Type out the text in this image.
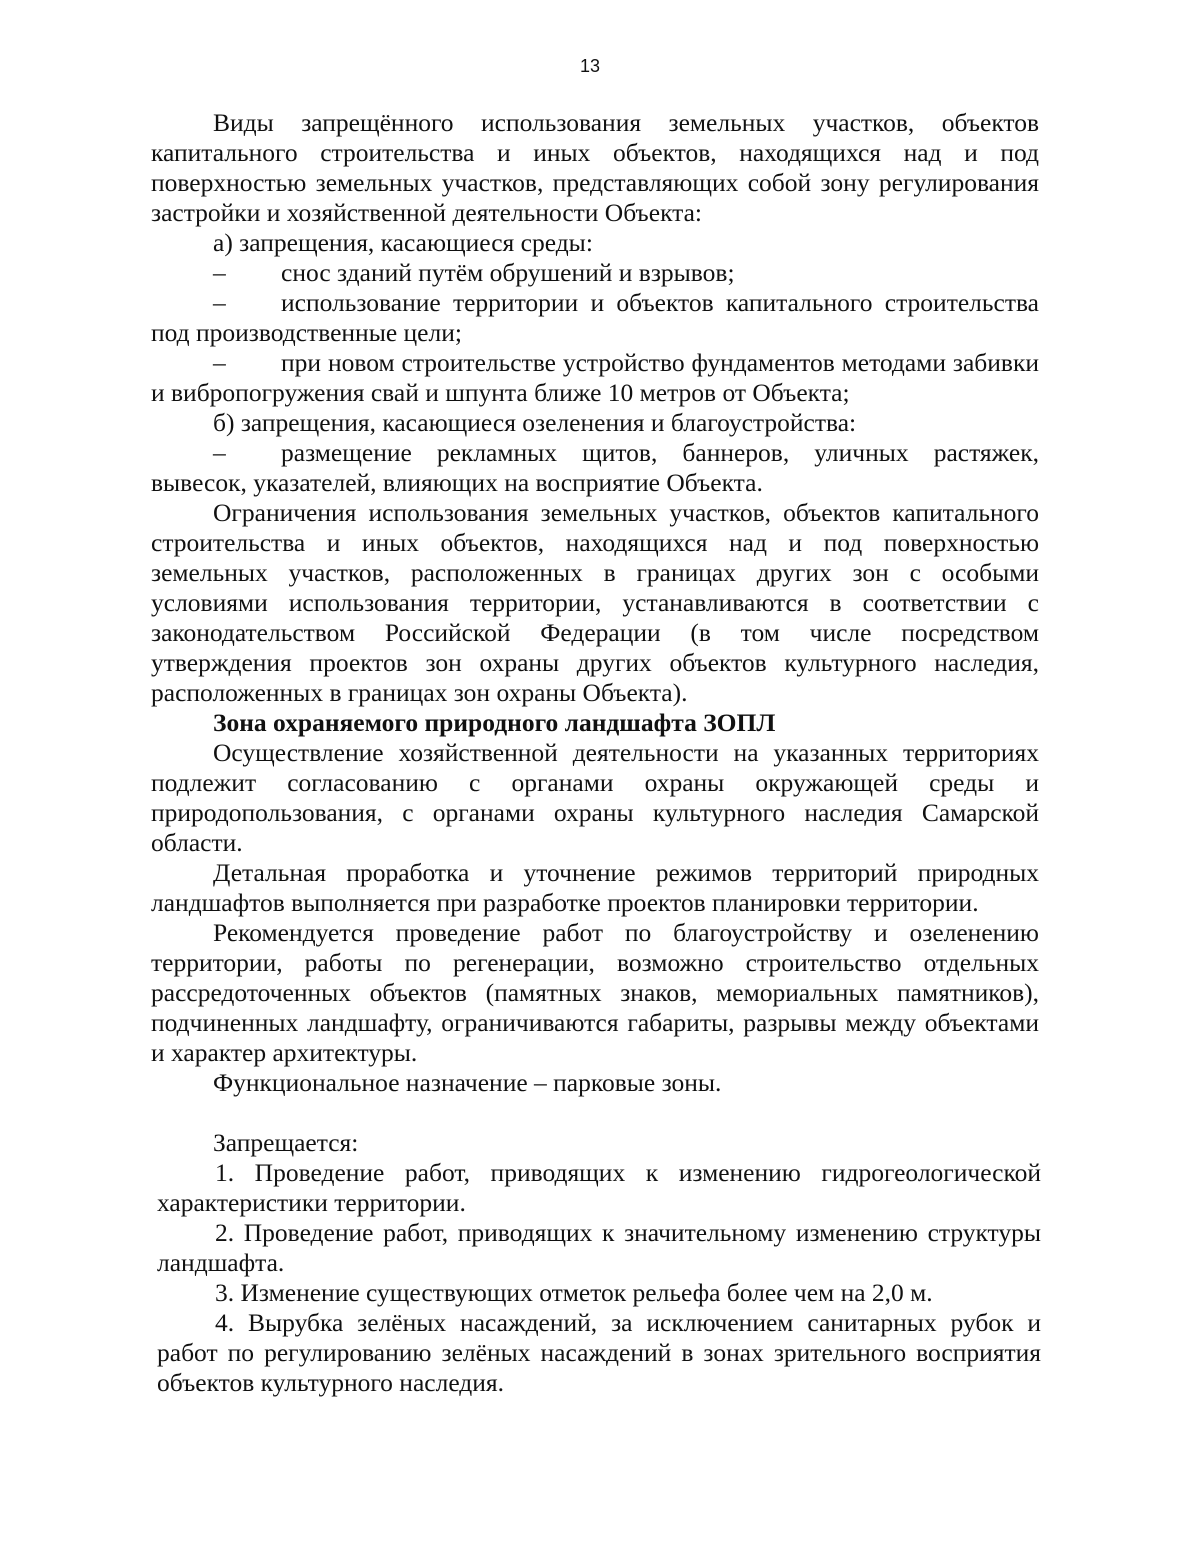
13

Виды запрещённого использования земельных участков, объектов капитального строительства и иных объектов, находящихся над и под поверхностью земельных участков, представляющих собой зону регулирования застройки и хозяйственной деятельности Объекта:

а) запрещения, касающиеся среды:

– снос зданий путём обрушений и взрывов;

– использование территории и объектов капитального строительства под производственные цели;

– при новом строительстве устройство фундаментов методами забивки и вибропогружения свай и шпунта ближе 10 метров от Объекта;

б) запрещения, касающиеся озеленения и благоустройства:

– размещение рекламных щитов, баннеров, уличных растяжек, вывесок, указателей, влияющих на восприятие Объекта.

Ограничения использования земельных участков, объектов капитального строительства и иных объектов, находящихся над и под поверхностью земельных участков, расположенных в границах других зон с особыми условиями использования территории, устанавливаются в соответствии с законодательством Российской Федерации (в том числе посредством утверждения проектов зон охраны других объектов культурного наследия, расположенных в границах зон охраны Объекта).

Зона охраняемого природного ландшафта ЗОПЛ

Осуществление хозяйственной деятельности на указанных территориях подлежит согласованию с органами охраны окружающей среды и природопользования, с органами охраны культурного наследия Самарской области.

Детальная проработка и уточнение режимов территорий природных ландшафтов выполняется при разработке проектов планировки территории.

Рекомендуется проведение работ по благоустройству и озеленению территории, работы по регенерации, возможно строительство отдельных рассредоточенных объектов (памятных знаков, мемориальных памятников), подчиненных ландшафту, ограничиваются габариты, разрывы между объектами и характер архитектуры.

Функциональное назначение – парковые зоны.

Запрещается:

1. Проведение работ, приводящих к изменению гидрогеологической характеристики территории.

2. Проведение работ, приводящих к значительному изменению структуры ландшафта.

3. Изменение существующих отметок рельефа более чем на 2,0 м.

4. Вырубка зелёных насаждений, за исключением санитарных рубок и работ по регулированию зелёных насаждений в зонах зрительного восприятия объектов культурного наследия.
